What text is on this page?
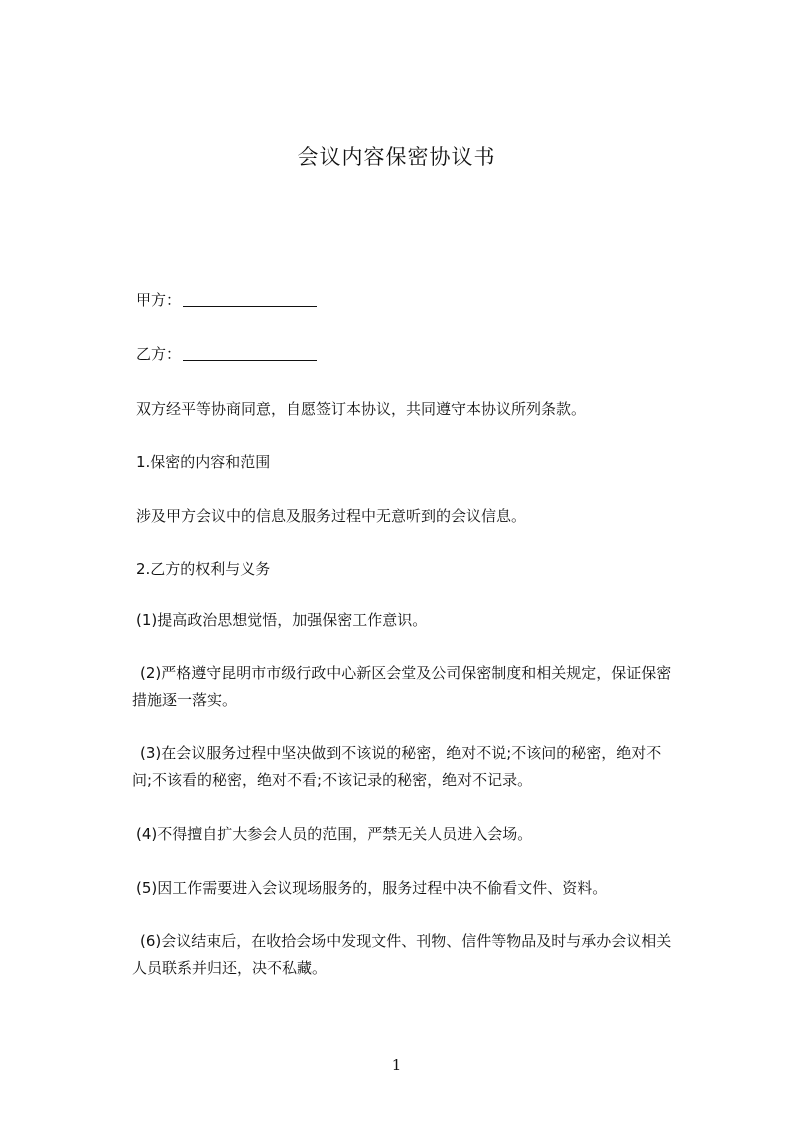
会议内容保密协议书
甲方：
乙方：
双方经平等协商同意，自愿签订本协议，共同遵守本协议所列条款。
1.保密的内容和范围
涉及甲方会议中的信息及服务过程中无意听到的会议信息。
2.乙方的权利与义务
(1)提高政治思想觉悟，加强保密工作意识。
(2)严格遵守昆明市市级行政中心新区会堂及公司保密制度和相关规定，保证保密
措施逐一落实。
(3)在会议服务过程中坚决做到不该说的秘密，绝对不说;不该问的秘密，绝对不
问;不该看的秘密，绝对不看;不该记录的秘密，绝对不记录。
(4)不得擅自扩大参会人员的范围，严禁无关人员进入会场。
(5)因工作需要进入会议现场服务的，服务过程中决不偷看文件、资料。
(6)会议结束后，在收拾会场中发现文件、刊物、信件等物品及时与承办会议相关
人员联系并归还，决不私藏。
1
